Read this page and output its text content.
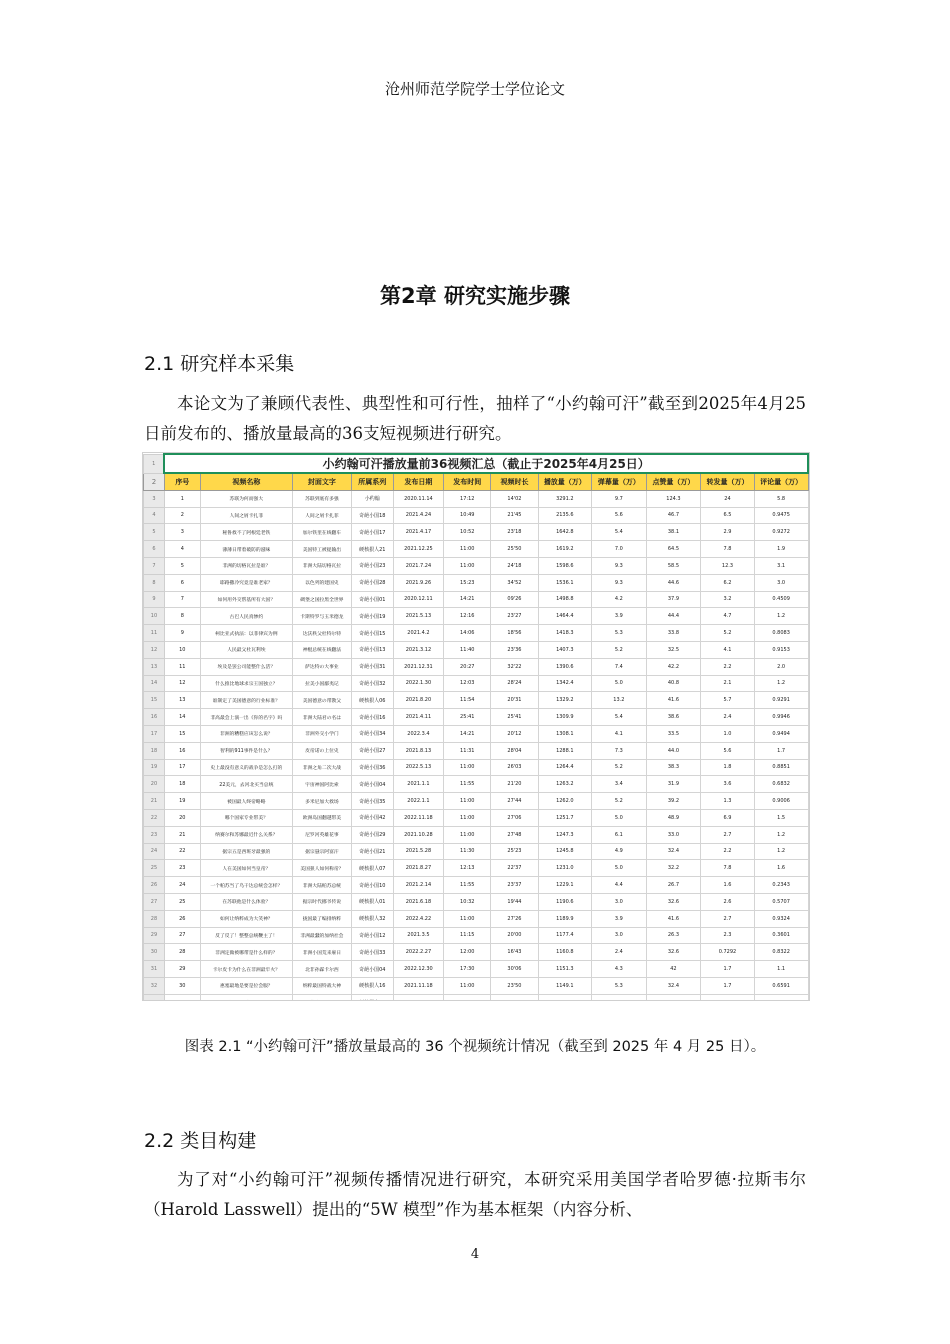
沧州师范学院学士学位论文
第2章 研究实施步骤
2.1 研究样本采集
本论文为了兼顾代表性、典型性和可行性，抽样了“小约翰可汗”截至到2025年4月25日前发布的、播放量最高的36支短视频进行研究。
1	小约翰可汗播放量前36视频汇总（截止于2025年4月25日）											
2	序号	视频名称	封面文字	所属系列	发布日期	发布时间	视频时长	播放量（万）	弹幕量（万）	点赞量（万）	转发量（万）	评论量（万）
3	1	苏联为何而强大	苏联到底有多强	小约翰	2020.11.14	17:12	14'02	3291.2	9.7	124.3	24	5.8
4	2	人间之屑卡扎菲	人间之屑卡扎菲	奇葩小国18	2021.4.24	10:49	21'45	2135.6	5.6	46.7	6.5	0.9475
5	3	秘鲁救不了阿根廷老铁	加尔铁里在线翻车	奇葩小国17	2021.4.17	10:52	23'18	1642.8	5.4	38.1	2.9	0.9272
6	4	薄薄日带着破防的滋味	美国特工被捉输出	硬核狠人21	2021.12.25	11:00	25'50	1619.2	7.0	64.5	7.8	1.9
7	5	非洲的切格瓦拉是谁？	非洲大陆切格瓦拉	奇葩小国23	2021.7.24	11:00	24'18	1598.6	9.3	58.5	12.3	3.1
8	6	耶路撒冷究竟是谁老家？	以色列的建国史	奇葩小国28	2021.9.26	15:23	34'52	1536.1	9.3	44.6	6.2	3.0
9	7	如何用外交帮基所有大国？	碉堡之国拉黑全世界	奇葩小国01	2020.12.11	14:21	09'26	1498.8	4.2	37.9	3.2	0.4509
10	8	古巴人民真惨约	卡斯特罗与玉米德龙	奇葩小国19	2021.5.13	12:16	23'27	1464.4	3.9	44.4	4.7	1.2
11	9	柯比亚式执法：以菲律宾为例	达沃秩父杜特尔特	奇葩小国15	2021.4.2	14:06	18'56	1418.3	5.3	33.8	5.2	0.8083
12	10	人民最父杜瓦利埃	神棍总统在线翻法	奇葩小国13	2021.3.12	11:40	23'36	1407.3	5.2	32.5	4.1	0.9153
13	11	埃及是罢公司能整什么活？	萨达特の大事业	奇葩小国31	2021.12.31	20:27	32'22	1390.6	7.4	42.2	2.2	2.0
14	12	什么推比地球求宗王国独立？	拉美小国鄙夷记	奇葩小国32	2022.1.30	12:03	28'24	1342.4	5.0	40.8	2.1	1.2
15	13	谁制定了美国德意的行业标准？	美国德意の带教父	硬核狠人06	2021.8.20	11:54	20'31	1329.2	13.2	41.6	5.7	0.9291
16	14	非高最会上演一出《你的名字》吗	非洲大陆君の名は	奇葩小国16	2021.4.11	25:41	25'41	1309.9	5.4	38.6	2.4	0.9946
17	15	非洲的糟糕应该怎么说？	非洲外交小学门	奇葩小国34	2022.3.4	14:21	20'12	1308.1	4.1	33.5	1.0	0.9494
18	16	智利的911事件是什么？	皮帝诺の上位史	奇葩小国27	2021.8.13	11:31	28'04	1288.1	7.3	44.0	5.6	1.7
19	17	史上最没有意义的战争是怎么打的	非洲之角二次大战	奇葩小国36	2022.5.13	11:00	26'03	1264.4	5.2	38.3	1.8	0.8851
20	18	22美元，去河北买当总统	宇宙神国阿比索	奇葩小国04	2021.1.1	11:55	21'20	1263.2	3.4	31.9	3.6	0.6832
21	19	被国最人终帝略略	多米尼加大救场	奇葩小国35	2022.1.1	11:00	27'44	1262.0	5.2	39.2	1.3	0.9006
22	20	哪个国家专业带美？	欧洲岛国翻越带美	奇葩小国42	2022.11.18	11:00	27'06	1251.7	5.0	48.9	6.9	1.5
23	21	纳赛尔和苏娜最近什么关系？	尼罗河英雄花事	奇葩小国29	2021.10.28	11:00	27'48	1247.3	6.1	33.0	2.7	1.2
24	22	据宗五是西班牙最强的	据宗悬宗阿富汗	奇葩小国21	2021.5.28	11:30	25'23	1245.8	4.9	32.4	2.2	1.2
25	23	人在美国如何当皇帝？	美国狠人如何称帝？	硬核狠人07	2021.8.27	12:13	22'37	1231.0	5.0	32.2	7.8	1.6
26	24	一个帕苏当了乌干达总统会怎样？	非洲大陆帕苏总统	奇葩小国10	2021.2.14	11:55	23'37	1229.1	4.4	26.7	1.6	0.2343
27	25	在苏联他是什么体验？	据宗时代挪爷传说	硬核狠人01	2021.6.18	10:32	19'44	1190.6	3.0	32.6	2.6	0.5707
28	26	如何让纳粹成为大笑神？	拢国最了编排纳粹	硬核狠人32	2022.4.22	11:00	27'26	1189.9	3.9	41.6	2.7	0.9324
29	27	反了反了！整整总统鞭主了！	非洲最蠢的加纳社会	奇葩小国12	2021.3.5	11:15	20'00	1177.4	3.0	26.3	2.3	0.3601
30	28	非洲定做被哪带是什么样的？	非洲小国荒来雇日	奇葩小国33	2022.2.27	12:00	16'43	1160.8	2.4	32.6	0.7292	0.8322
31	29	卡尔皮卡为什么在非洲最牢火？	北非孙霖卡尔西	奇葩小国04	2022.12.30	17:30	30'06	1151.3	4.3	42	1.7	1.1
32	30	惠塞最地是要是位会服？	纳粹最国特战大神	硬核狠人16	2021.11.18	11:00	23'50	1149.1	5.3	32.4	1.7	0.6591

图表 2.1 “小约翰可汗”播放量最高的 36 个视频统计情况（截至到 2025 年 4 月 25 日）。
2.2 类目构建
为了对“小约翰可汗”视频传播情况进行研究，本研究采用美国学者哈罗德·拉斯韦尔（Harold Lasswell）提出的“5W 模型”作为基本框架（内容分析、
4
